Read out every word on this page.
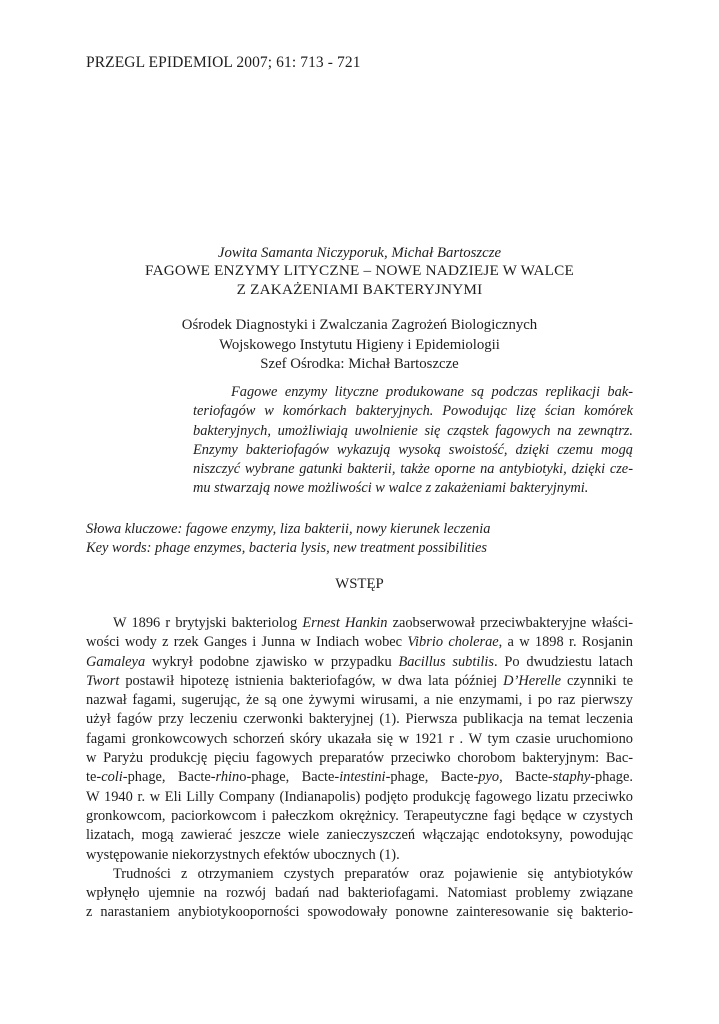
PRZEGL EPIDEMIOL 2007; 61: 713 - 721
Jowita Samanta Niczyporuk, Michał Bartoszcze
FAGOWE ENZYMY LITYCZNE – NOWE NADZIEJE W WALCE
Z ZAKAŻENIAMI BAKTERYJNYMI
Ośrodek Diagnostyki i Zwalczania Zagrożeń Biologicznych
Wojskowego Instytutu Higieny i Epidemiologii
Szef Ośrodka: Michał Bartoszcze
Fagowe enzymy lityczne produkowane są podczas replikacji bak-
teriofagów w komórkach bakteryjnych. Powodując lizę ścian komórek
bakteryjnych, umożliwiają uwolnienie się cząstek fagowych na zewnątrz.
Enzymy bakteriofagów wykazują wysoką swoistość, dzięki czemu mogą
niszczyć wybrane gatunki bakterii, także oporne na antybiotyki, dzięki cze-
mu stwarzają nowe możliwości w walce z zakażeniami bakteryjnymi.
Słowa kluczowe: fagowe enzymy, liza bakterii, nowy kierunek leczenia
Key words: phage enzymes, bacteria lysis, new treatment possibilities
WSTĘP
W 1896 r brytyjski bakteriolog Ernest Hankin zaobserwował przeciwbakteryjne właści-
wości wody z rzek Ganges i Junna w Indiach wobec Vibrio cholerae, a w 1898 r. Rosjanin
Gamaleya wykrył podobne zjawisko w przypadku Bacillus subtilis. Po dwudziestu latach
Twort postawił hipotezę istnienia bakteriofagów, w dwa lata później D’Herelle czynniki te
nazwał fagami, sugerując, że są one żywymi wirusami, a nie enzymami, i po raz pierwszy
użył fagów przy leczeniu czerwonki bakteryjnej (1). Pierwsza publikacja na temat leczenia
fagami gronkowcowych schorzeń skóry ukazała się w 1921 r . W tym czasie uruchomiono
w Paryżu produkcję pięciu fagowych preparatów przeciwko chorobom bakteryjnym: Bac-
te-coli-phage, Bacte-rhino-phage, Bacte-intestini-phage, Bacte-pyo, Bacte-staphy-phage.
W 1940 r. w Eli Lilly Company (Indianapolis) podjęto produkcję fagowego lizatu przeciwko
gronkowcom, paciorkowcom i pałeczkom okrężnicy. Terapeutyczne fagi będące w czystych
lizatach, mogą zawierać jeszcze wiele zanieczyszczeń włączając endotoksyny, powodując
występowanie niekorzystnych efektów ubocznych (1).
Trudności z otrzymaniem czystych preparatów oraz pojawienie się antybiotyków
wpłynęło ujemnie na rozwój badań nad bakteriofagami. Natomiast problemy związane
z narastaniem anybiotykooporności spowodowały ponowne zainteresowanie się bakterio-
